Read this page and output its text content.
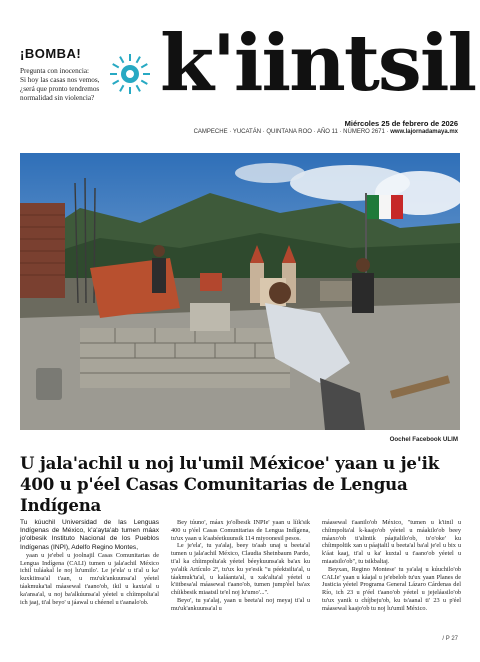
¡BOMBA!
Pregunta con inocencia:
Si hoy las casas nos vemos,
¿será que pronto tendremos
normalidad sin violencia? k'iintsil
Miércoles 25 de febrero de 2026
CAMPECHE · YUCATÁN · QUINTANA ROO · AÑO 11 · NÚMERO 2671 · www.lajornadamaya.mx
Oochel Facebook ULIM
U jala'achil u noj lu'umil Méxicoe' yaan u je'ik 400 u p'éel Casas Comunitarias de Lengua Indígena

Tu kúuchil Universidad de las Lenguas Indígenas de México, k'a'ayta'ab tumen máax jo'olbesik Instituto Nacional de los Pueblos Indígenas (INPI), Adelfo Regino Montes,

yaan u je'ebel u joolnajil Casas Comunitarias de Lengua Indígena (CALI) tumen u jala'achil México ichil tuláakal le noj lu'umilo'. Le je'ela' u ti'al u ka' kuxkiinsa'al t'aan, u mu'uk'ankuunsa'al yéetel táakmuka'tal máasewal t'aano'ob, ikil u kaxta'al u ka'ansa'al, u noj ba'alkúunsa'al yéetel u chíimpolta'al ich jaaj, ti'al beyo' u jáawal u chéenel u t'aanalo'ob.

Bey túuno', máax jo'olbesik INPIe' yaan u líik'sik 400 u p'éel Casas Comunitarias de Lengua Indígena, tu'ux yaan u k'aabéetkuunsik 114 miyoonesil pesos.

Le je'ela', tu ya'alaj, beey ts'aab unaj u beeta'al tumen u jala'achil México, Claudia Sheinbaum Pardo, ti'al ka chíimpolta'ak yéetel béeykuunsa'ak ba'ax ku ya'alik Artículo 2º, tu'ux ku ye'esik "u péektsilta'al, u táakmuk'ta'al, u kaláanta'al, u xak'alta'al yéetel u k'iitbesa'al máasewal t'aano'ob, tumen jump'éel ba'ax chíikbesik miaatsil te'el noj lu'umo'...".

Beyo', tu ya'alaj, yaan u beeta'al noj meyaj ti'al u mu'uk'ankuunsa'al u

máasewal t'aanilo'ob México, "tumen u k'iinil u chíimpolta'al k-kaajo'ob yéetel u máakilo'ob beey máaxo'ob ti'alintik páajtalilo'ob, ts'o'oke' ku chíimpoltik xan u páajtalil u beeta'al ba'al je'el u bix u k'áat kaaj, ti'al u ka' kuxtal u t'aano'ob yéetel u miaatsilo'ob", tu tsikbaltaj.

Beyxan, Regino Montese' tu ya'alaj u kúuchilo'ob CALIe' yaan u káajal u je'ebelob tu'ux yaan Planes de Justicia yéetel Programa General Lázaro Cárdenas del Río, ich 23 u p'éel t'aano'ob yéetel u jejeláasilo'ob tu'ux yanik u chíjbeju'ob, ku ts'aanal ti' 23 u p'éel máasewal kaajo'ob tu noj lu'umil México.

/ P 27
